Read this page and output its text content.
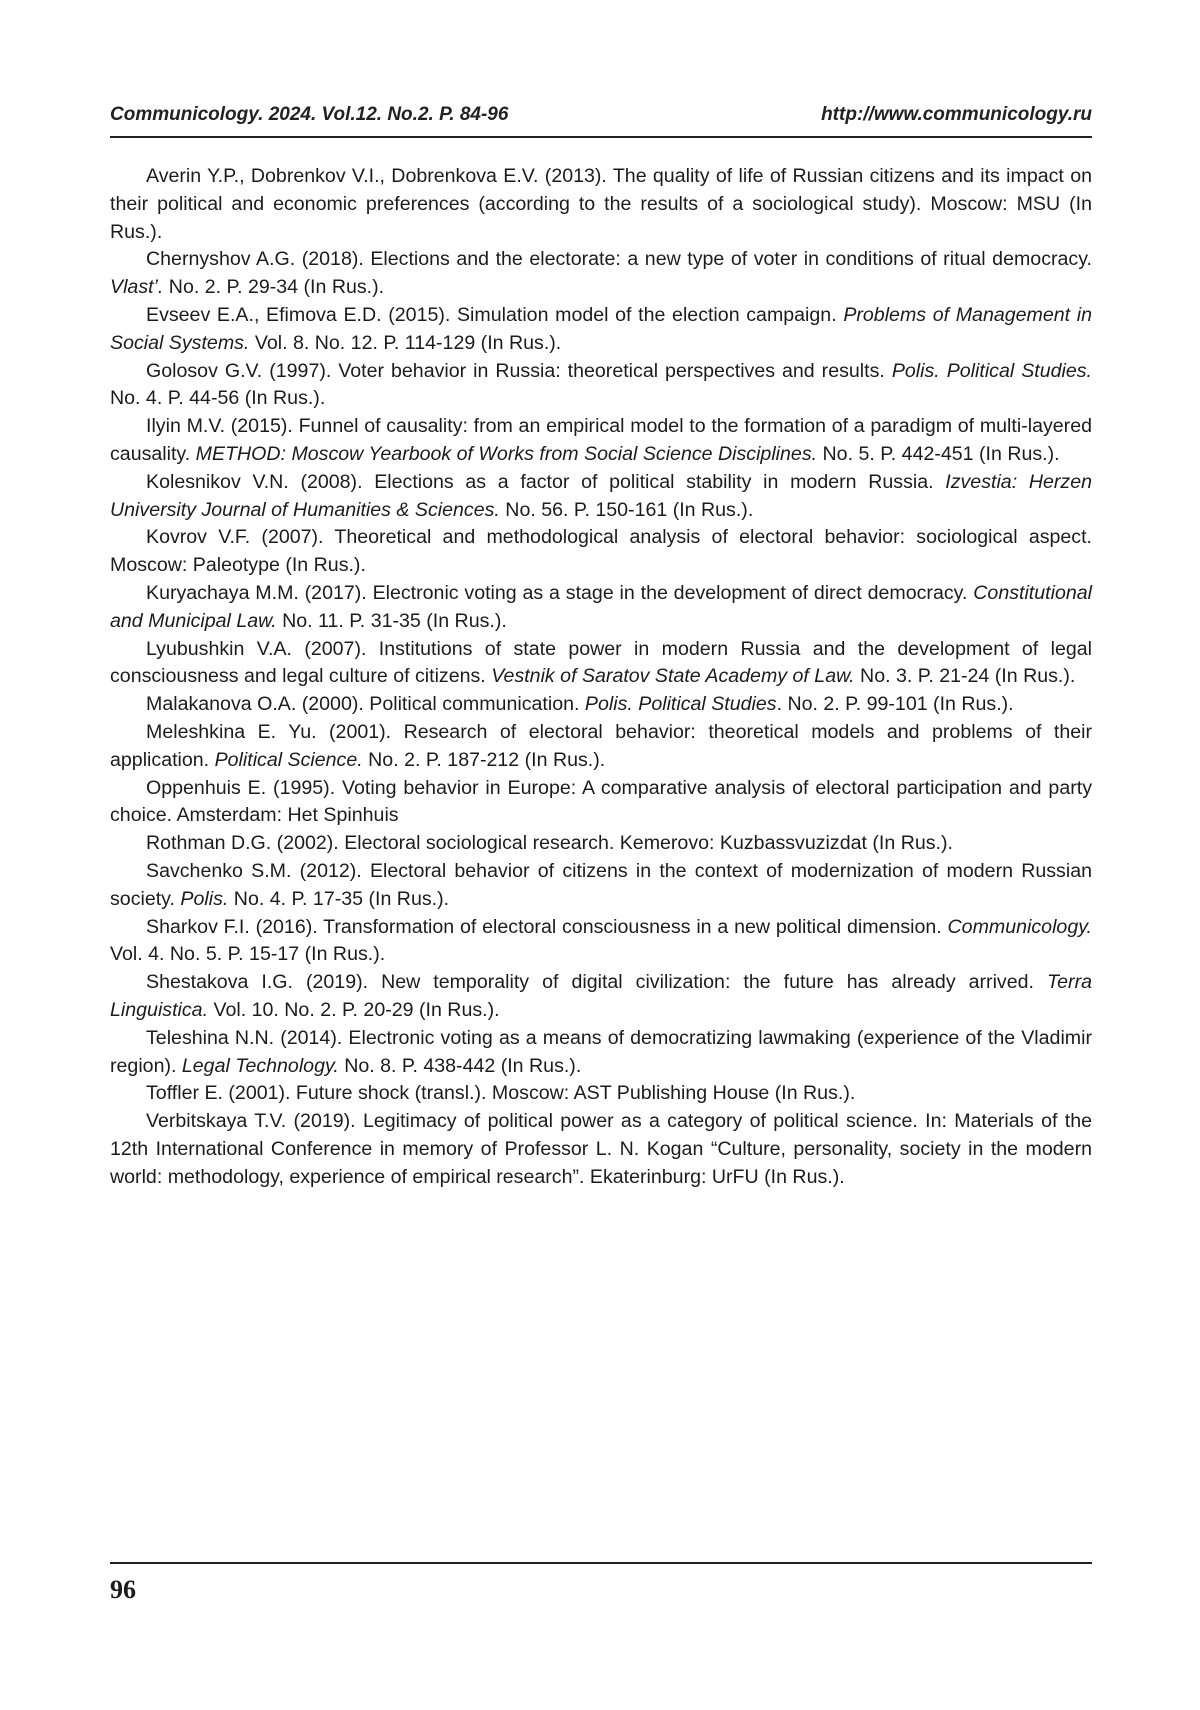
Communicology. 2024. Vol.12. No.2. P. 84-96	http://www.communicology.ru

Averin Y.P., Dobrenkov V.I., Dobrenkova E.V. (2013). The quality of life of Russian citizens and its impact on their political and economic preferences (according to the results of a sociological study). Moscow: MSU (In Rus.).

Chernyshov A.G. (2018). Elections and the electorate: a new type of voter in conditions of ritual democracy. Vlast’. No. 2. P. 29-34 (In Rus.).

Evseev E.A., Efimova E.D. (2015). Simulation model of the election campaign. Problems of Management in Social Systems. Vol. 8. No. 12. P. 114-129 (In Rus.).

Golosov G.V. (1997). Voter behavior in Russia: theoretical perspectives and results. Polis. Political Studies. No. 4. P. 44-56 (In Rus.).

Ilyin M.V. (2015). Funnel of causality: from an empirical model to the formation of a paradigm of multi-layered causality. METHOD: Moscow Yearbook of Works from Social Science Disciplines. No. 5. P. 442-451 (In Rus.).

Kolesnikov V.N. (2008). Elections as a factor of political stability in modern Russia. Izvestia: Herzen University Journal of Humanities & Sciences. No. 56. P. 150-161 (In Rus.).

Kovrov V.F. (2007). Theoretical and methodological analysis of electoral behavior: sociological aspect. Moscow: Paleotype (In Rus.).

Kuryachaya M.M. (2017). Electronic voting as a stage in the development of direct democracy. Constitutional and Municipal Law. No. 11. P. 31-35 (In Rus.).

Lyubushkin V.A. (2007). Institutions of state power in modern Russia and the development of legal consciousness and legal culture of citizens. Vestnik of Saratov State Academy of Law. No. 3. P. 21-24 (In Rus.).

Malakanova O.A. (2000). Political communication. Polis. Political Studies. No. 2. P. 99-101 (In Rus.).

Meleshkina E. Yu. (2001). Research of electoral behavior: theoretical models and problems of their application. Political Science. No. 2. P. 187-212 (In Rus.).

Oppenhuis E. (1995). Voting behavior in Europe: A comparative analysis of electoral participation and party choice. Amsterdam: Het Spinhuis

Rothman D.G. (2002). Electoral sociological research. Kemerovo: Kuzbassvuzizdat (In Rus.).

Savchenko S.M. (2012). Electoral behavior of citizens in the context of modernization of modern Russian society. Polis. No. 4. P. 17-35 (In Rus.).

Sharkov F.I. (2016). Transformation of electoral consciousness in a new political dimension. Communicology. Vol. 4. No. 5. P. 15-17 (In Rus.).

Shestakova I.G. (2019). New temporality of digital civilization: the future has already arrived. Terra Linguistica. Vol. 10. No. 2. P. 20-29 (In Rus.).

Teleshina N.N. (2014). Electronic voting as a means of democratizing lawmaking (experience of the Vladimir region). Legal Technology. No. 8. P. 438-442 (In Rus.).

Toffler E. (2001). Future shock (transl.). Moscow: AST Publishing House (In Rus.).

Verbitskaya T.V. (2019). Legitimacy of political power as a category of political science. In: Materials of the 12th International Conference in memory of Professor L. N. Kogan “Culture, personality, society in the modern world: methodology, experience of empirical research”. Ekaterinburg: UrFU (In Rus.).

96
